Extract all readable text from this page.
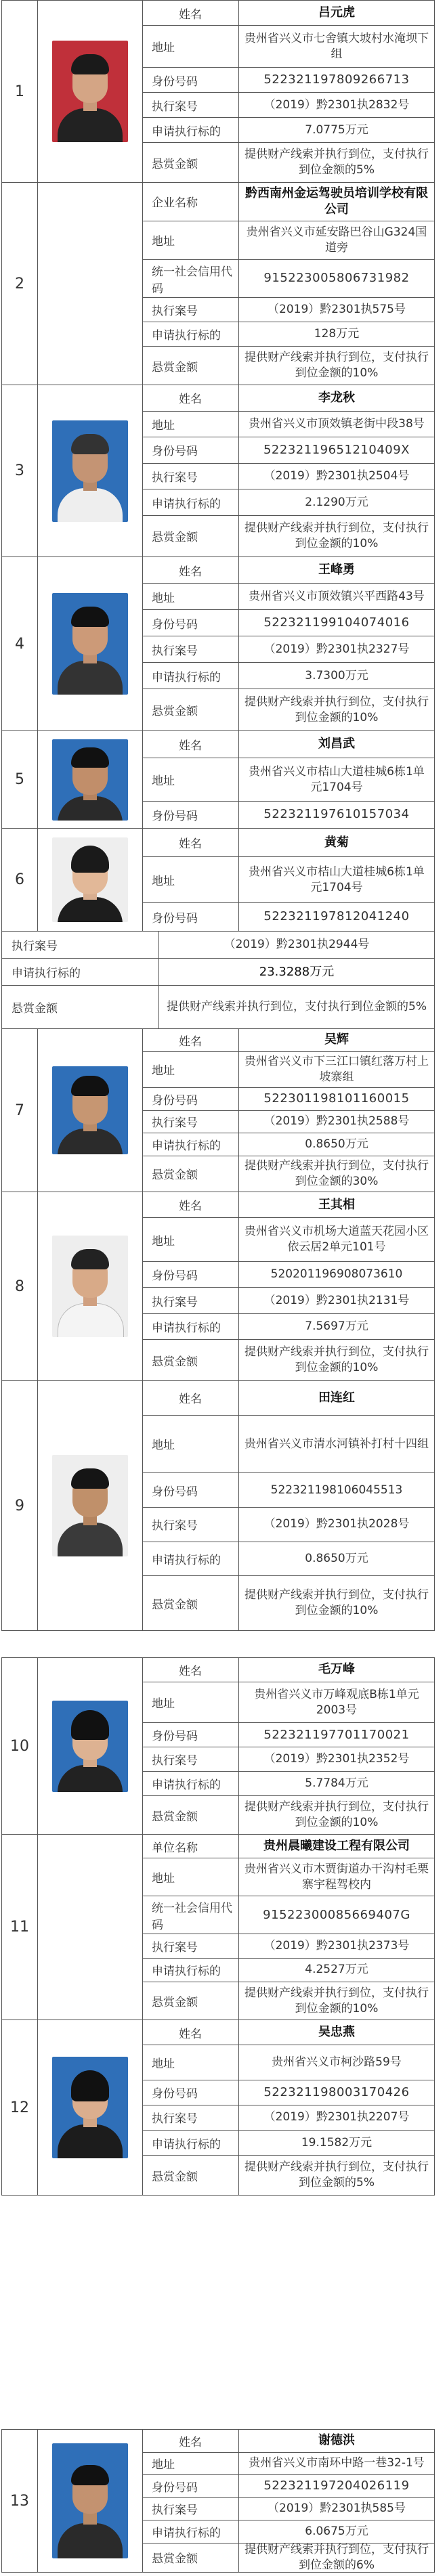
1
姓名	吕元虎
地址
贵州省兴义市七舍镇大坡村水淹坝下组
身份号码	522321197809266713
执行案号	（2019）黔2301执2832号
申请执行标的	7.0775万元
悬赏金额
提供财产线索并执行到位，支付执行到位金额的5%
2
企业名称
黔西南州金运驾驶员培训学校有限公司
地址
贵州省兴义市延安路巴谷山G324国道旁
统一社会信用代码
915223005806731982
执行案号	（2019）黔2301执575号
申请执行标的	128万元
悬赏金额
提供财产线索并执行到位，支付执行到位金额的10%
3
姓名	李龙秋
地址	贵州省兴义市顶效镇老街中段38号
身份号码	52232119651210409X
执行案号	（2019）黔2301执2504号
申请执行标的	2.1290万元
悬赏金额
提供财产线索并执行到位，支付执行到位金额的10%
4
姓名	王峰勇
地址	贵州省兴义市顶效镇兴平西路43号
身份号码	522321199104074016
执行案号	（2019）黔2301执2327号
申请执行标的	3.7300万元
悬赏金额
提供财产线索并执行到位，支付执行到位金额的10%
5
姓名	刘昌武
地址
贵州省兴义市桔山大道桂城6栋1单元1704号
身份号码	522321197610157034
6
姓名	黄菊
地址
贵州省兴义市桔山大道桂城6栋1单元1704号
身份号码	522321197812041240
执行案号	（2019）黔2301执2944号
申请执行标的	23.3288万元
悬赏金额	提供财产线索并执行到位，支付执行到位金额的5%
7
姓名	吴辉
地址
贵州省兴义市下三江口镇红落万村上坡寨组
身份号码	522301198101160015
执行案号	（2019）黔2301执2588号
申请执行标的	0.8650万元
悬赏金额
提供财产线索并执行到位，支付执行到位金额的30%
8
姓名	王其相
地址
贵州省兴义市机场大道蓝天花园小区依云居2单元101号
身份号码	520201196908073610
执行案号	（2019）黔2301执2131号
申请执行标的	7.5697万元
悬赏金额
提供财产线索并执行到位，支付执行到位金额的10%
9
姓名	田连红
地址	贵州省兴义市清水河镇补打村十四组
身份号码	522321198106045513
执行案号	（2019）黔2301执2028号
申请执行标的	0.8650万元
悬赏金额
提供财产线索并执行到位，支付执行到位金额的10%
10
姓名	毛万峰
地址
贵州省兴义市万峰观底B栋1单元2003号
身份号码	522321197701170021
执行案号	（2019）黔2301执2352号
申请执行标的	5.7784万元
悬赏金额
提供财产线索并执行到位，支付执行到位金额的10%
11
单位名称	贵州晨曦建设工程有限公司
地址
贵州省兴义市木贾街道办干沟村毛栗寨宇程驾校内
统一社会信用代码
91522300085669407G
执行案号	（2019）黔2301执2373号
申请执行标的	4.2527万元
悬赏金额
提供财产线索并执行到位，支付执行到位金额的10%
12
姓名	吴忠燕
地址	贵州省兴义市柯沙路59号
身份号码	522321198003170426
执行案号	（2019）黔2301执2207号
申请执行标的	19.1582万元
悬赏金额
提供财产线索并执行到位，支付执行到位金额的5%
13
姓名	谢德洪
地址	贵州省兴义市南环中路一巷32-1号
身份号码	522321197204026119
执行案号	（2019）黔2301执585号
申请执行标的	6.0675万元
悬赏金额
提供财产线索并执行到位，支付执行到位金额的6%
